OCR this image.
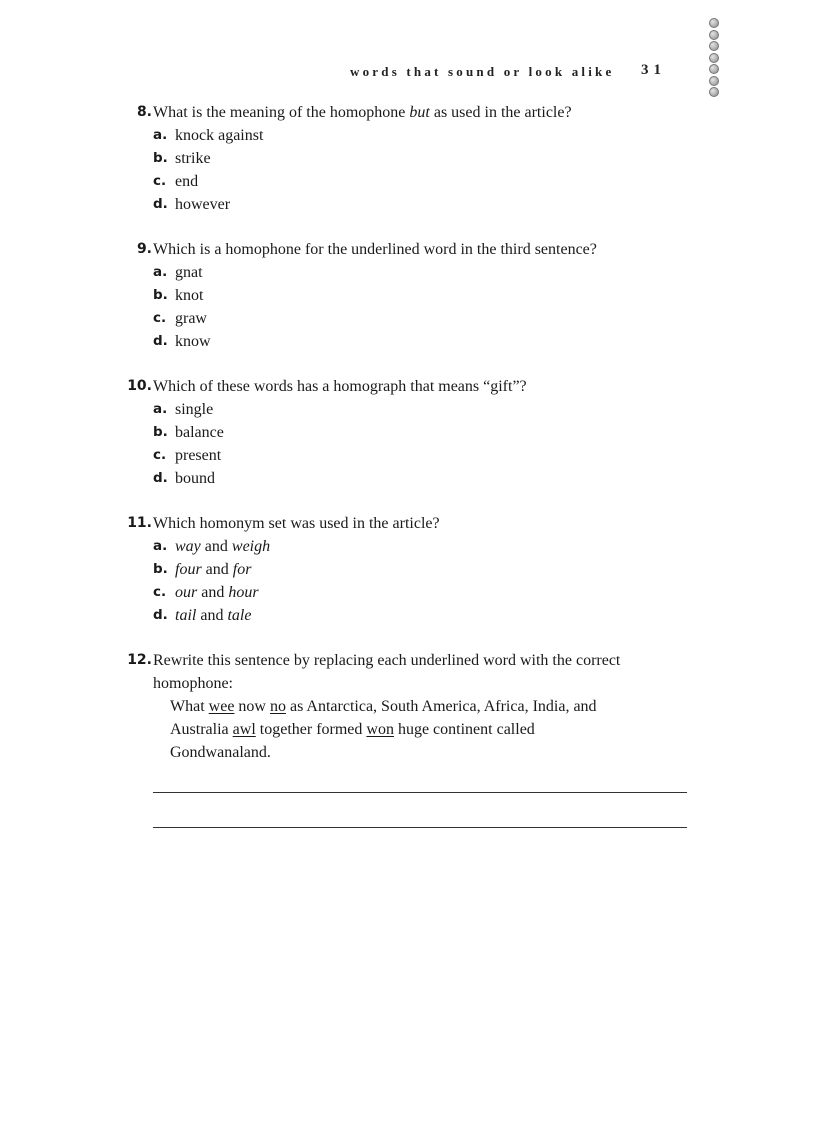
words that sound or look alike 31
8. What is the meaning of the homophone but as used in the article?
a. knock against
b. strike
c. end
d. however
9. Which is a homophone for the underlined word in the third sentence?
a. gnat
b. knot
c. graw
d. know
10. Which of these words has a homograph that means “gift”?
a. single
b. balance
c. present
d. bound
11. Which homonym set was used in the article?
a. way and weigh
b. four and for
c. our and hour
d. tail and tale
12. Rewrite this sentence by replacing each underlined word with the correct
homophone:
What wee now no as Antarctica, South America, Africa, India, and
Australia awl together formed won huge continent called
Gondwanaland.
